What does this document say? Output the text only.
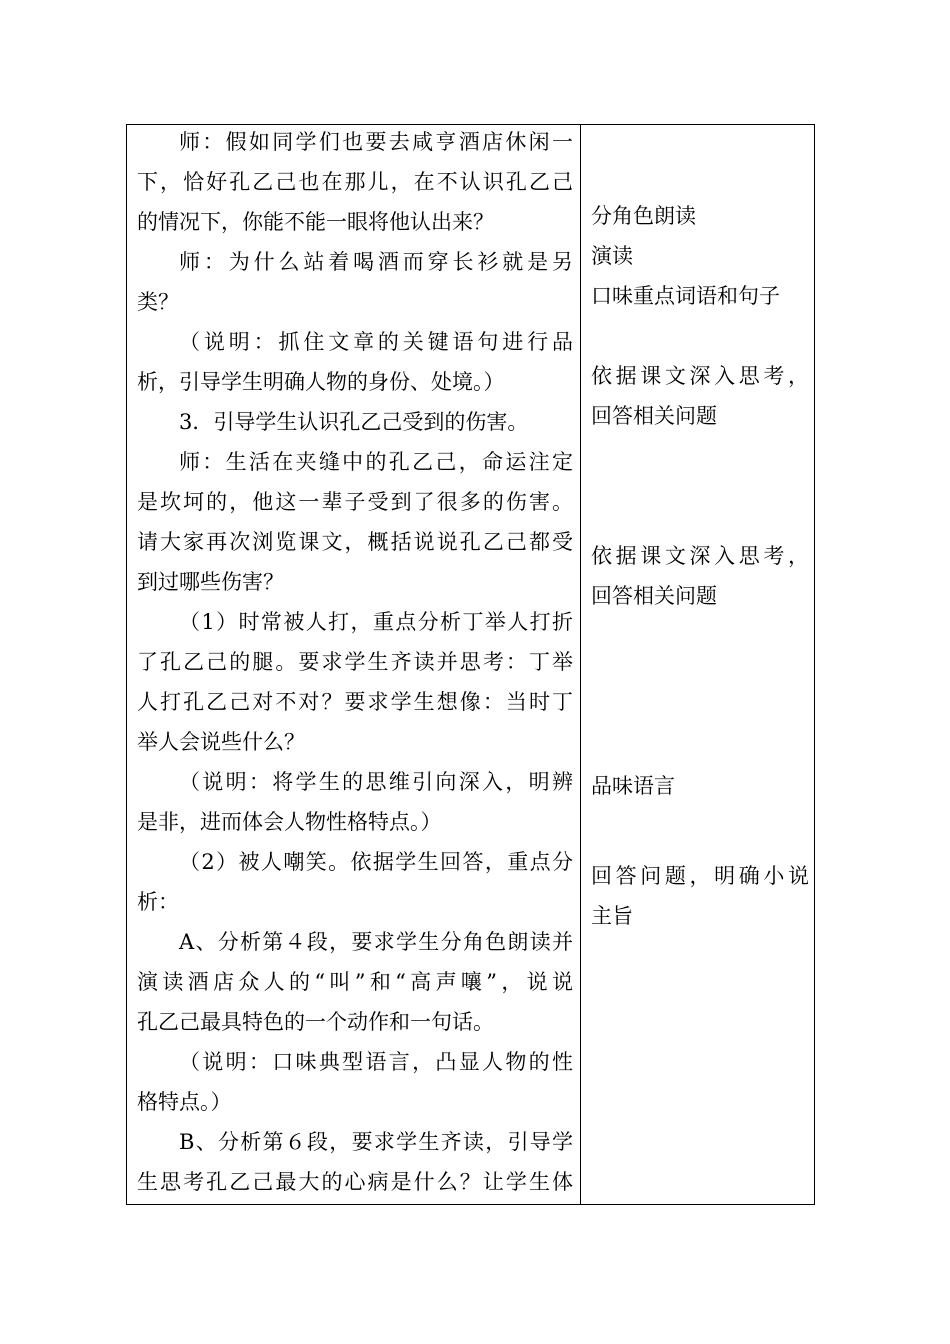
师：假如同学们也要去咸亨酒店休闲一
下，恰好孔乙己也在那儿，在不认识孔乙己
的情况下，你能不能一眼将他认出来？
师：为什么站着喝酒而穿长衫就是另
类？
（说明：抓住文章的关键语句进行品
析，引导学生明确人物的身份、处境。）
3．引导学生认识孔乙己受到的伤害。
师：生活在夹缝中的孔乙己，命运注定
是坎坷的，他这一辈子受到了很多的伤害。
请大家再次浏览课文，概括说说孔乙己都受
到过哪些伤害？
（1）时常被人打，重点分析丁举人打折
了孔乙己的腿。要求学生齐读并思考：丁举
人打孔乙己对不对？要求学生想像：当时丁
举人会说些什么？
（说明：将学生的思维引向深入，明辨
是非，进而体会人物性格特点。）
（2）被人嘲笑。依据学生回答，重点分
析：
A、分析第４段，要求学生分角色朗读并
演读酒店众人的“叫”和“高声嚷”，说说
孔乙己最具特色的一个动作和一句话。
（说明：口味典型语言，凸显人物的性
格特点。）
B、分析第６段，要求学生齐读，引导学
生思考孔乙己最大的心病是什么？让学生体
分角色朗读
演读
口味重点词语和句子
依据课文深入思考，
回答相关问题
依据课文深入思考，
回答相关问题
品味语言
回答问题，明确小说
主旨
